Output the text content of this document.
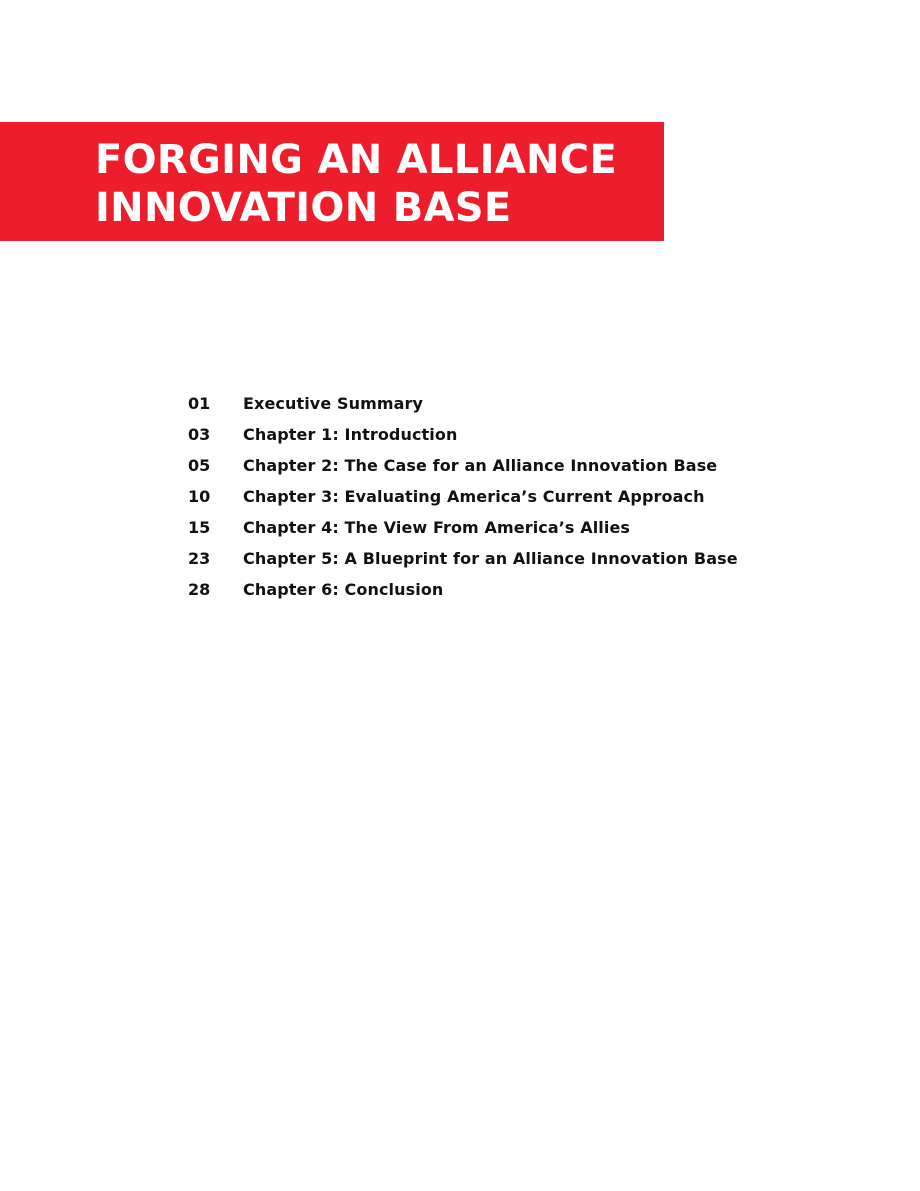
FORGING AN ALLIANCE
INNOVATION BASE
01	Executive Summary
03	Chapter 1: Introduction
05	Chapter 2: The Case for an Alliance Innovation Base
10	Chapter 3: Evaluating America’s Current Approach
15	Chapter 4: The View From America’s Allies
23	Chapter 5: A Blueprint for an Alliance Innovation Base
28	Chapter 6: Conclusion
